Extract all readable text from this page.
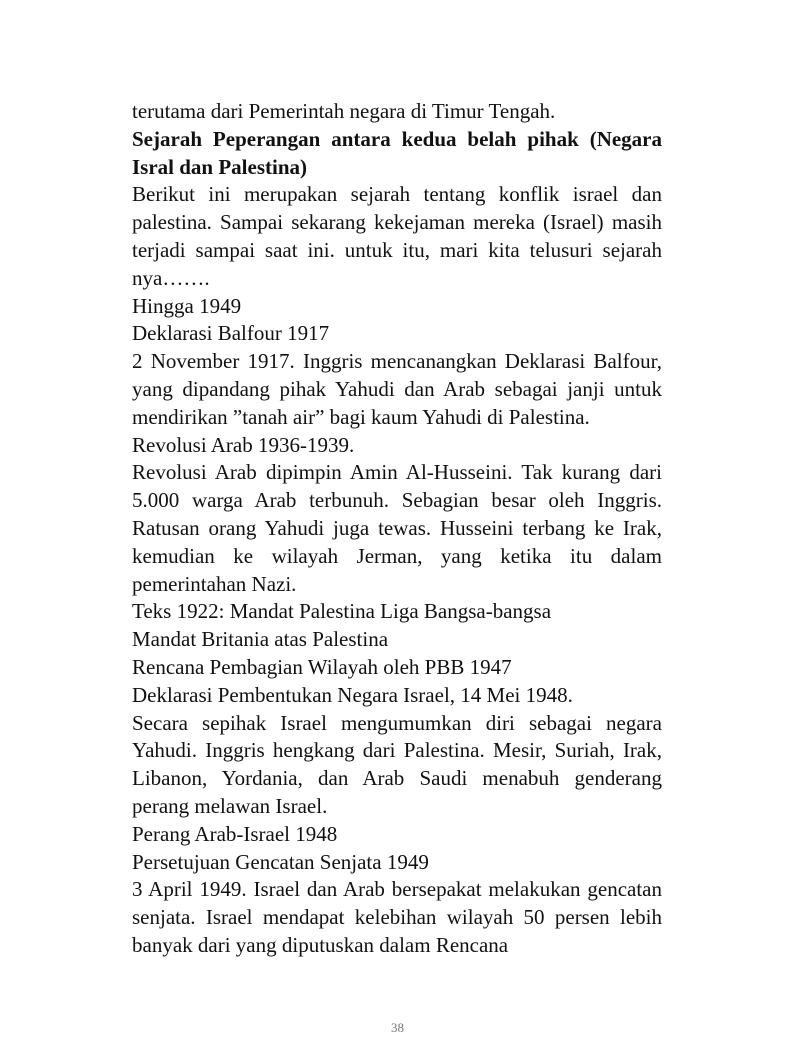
terutama dari Pemerintah negara di Timur Tengah.
Sejarah Peperangan antara kedua belah pihak (Negara Isral dan Palestina)
Berikut ini merupakan sejarah tentang konflik israel dan palestina. Sampai sekarang kekejaman mereka (Israel) masih terjadi sampai saat ini. untuk itu, mari kita telusuri sejarah nya…….
Hingga 1949
Deklarasi Balfour 1917
2 November 1917. Inggris mencanangkan Deklarasi Balfour, yang dipandang pihak Yahudi dan Arab sebagai janji untuk mendirikan ”tanah air” bagi kaum Yahudi di Palestina.
Revolusi Arab 1936-1939.
Revolusi Arab dipimpin Amin Al-Husseini. Tak kurang dari 5.000 warga Arab terbunuh. Sebagian besar oleh Inggris. Ratusan orang Yahudi juga tewas. Husseini terbang ke Irak, kemudian ke wilayah Jerman, yang ketika itu dalam pemerintahan Nazi.
Teks 1922: Mandat Palestina Liga Bangsa-bangsa
Mandat Britania atas Palestina
Rencana Pembagian Wilayah oleh PBB 1947
Deklarasi Pembentukan Negara Israel, 14 Mei 1948.
Secara sepihak Israel mengumumkan diri sebagai negara Yahudi. Inggris hengkang dari Palestina. Mesir, Suriah, Irak, Libanon, Yordania, dan Arab Saudi menabuh genderang perang melawan Israel.
Perang Arab-Israel 1948
Persetujuan Gencatan Senjata 1949
3 April 1949. Israel dan Arab bersepakat melakukan gencatan senjata. Israel mendapat kelebihan wilayah 50 persen lebih banyak dari yang diputuskan dalam Rencana
38
